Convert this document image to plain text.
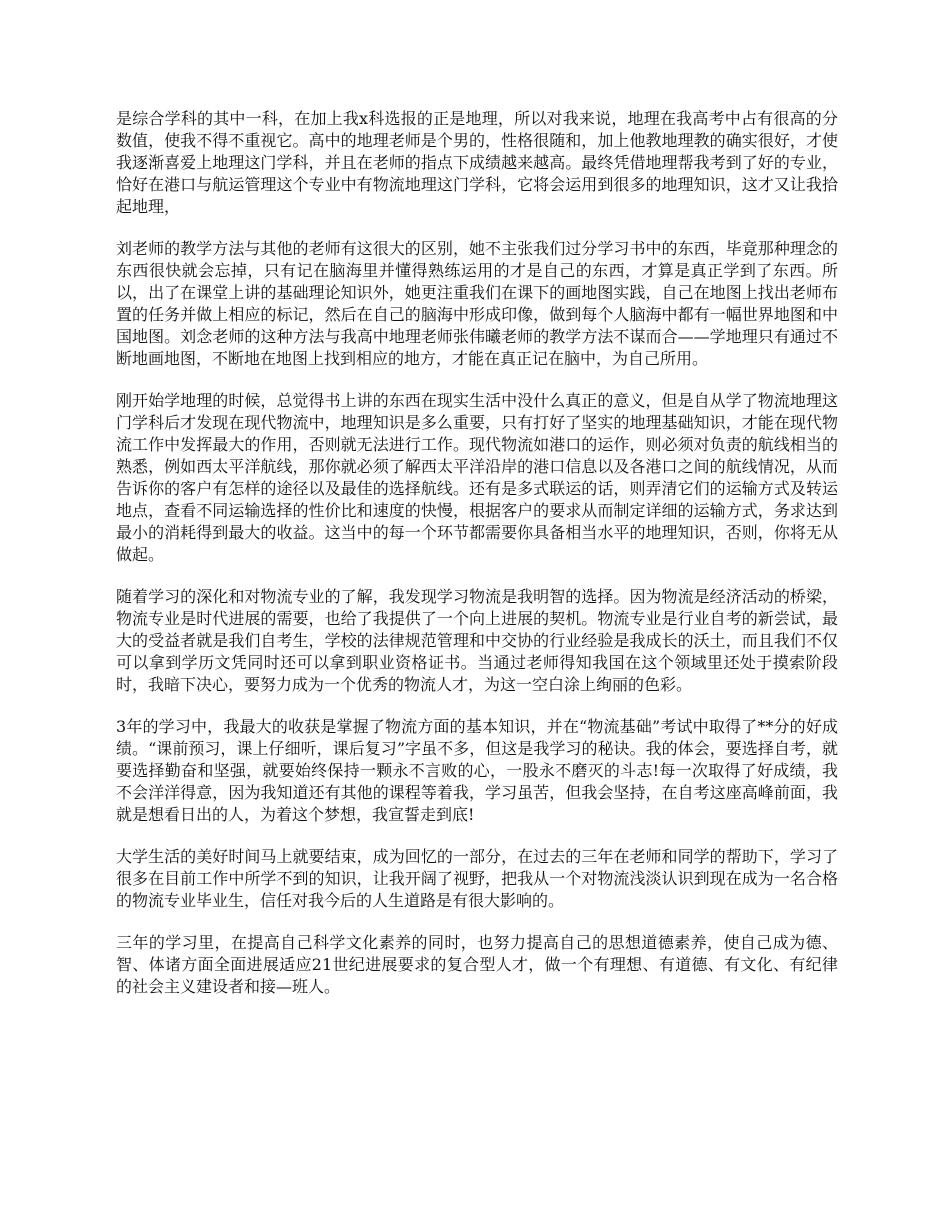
是综合学科的其中一科，在加上我x科选报的正是地理，所以对我来说，地理在我高考中占有很高的分数值，使我不得不重视它。高中的地理老师是个男的，性格很随和，加上他教地理教的确实很好，才使我逐渐喜爱上地理这门学科，并且在老师的指点下成绩越来越高。最终凭借地理帮我考到了好的专业，恰好在港口与航运管理这个专业中有物流地理这门学科，它将会运用到很多的地理知识，这才又让我拾起地理，

刘老师的教学方法与其他的老师有这很大的区别，她不主张我们过分学习书中的东西，毕竟那种理念的东西很快就会忘掉，只有记在脑海里并懂得熟练运用的才是自己的东西，才算是真正学到了东西。所以，出了在课堂上讲的基础理论知识外，她更注重我们在课下的画地图实践，自己在地图上找出老师布置的任务并做上相应的标记，然后在自己的脑海中形成印像，做到每个人脑海中都有一幅世界地图和中国地图。刘念老师的这种方法与我高中地理老师张伟曦老师的教学方法不谋而合——学地理只有通过不断地画地图，不断地在地图上找到相应的地方，才能在真正记在脑中，为自己所用。

刚开始学地理的时候，总觉得书上讲的东西在现实生活中没什么真正的意义，但是自从学了物流地理这门学科后才发现在现代物流中，地理知识是多么重要，只有打好了坚实的地理基础知识，才能在现代物流工作中发挥最大的作用，否则就无法进行工作。现代物流如港口的运作，则必须对负责的航线相当的熟悉，例如西太平洋航线，那你就必须了解西太平洋沿岸的港口信息以及各港口之间的航线情况，从而告诉你的客户有怎样的途径以及最佳的选择航线。还有是多式联运的话，则弄清它们的运输方式及转运地点，查看不同运输选择的性价比和速度的快慢，根据客户的要求从而制定详细的运输方式，务求达到最小的消耗得到最大的收益。这当中的每一个环节都需要你具备相当水平的地理知识，否则，你将无从做起。

随着学习的深化和对物流专业的了解，我发现学习物流是我明智的选择。因为物流是经济活动的桥梁，物流专业是时代进展的需要，也给了我提供了一个向上进展的契机。物流专业是行业自考的新尝试，最大的受益者就是我们自考生，学校的法律规范管理和中交协的行业经验是我成长的沃土，而且我们不仅可以拿到学历文凭同时还可以拿到职业资格证书。当通过老师得知我国在这个领域里还处于摸索阶段时，我暗下决心，要努力成为一个优秀的物流人才，为这一空白涂上绚丽的色彩。

3年的学习中，我最大的收获是掌握了物流方面的基本知识，并在“物流基础”考试中取得了**分的好成绩。“课前预习，课上仔细听，课后复习”字虽不多，但这是我学习的秘诀。我的体会，要选择自考，就要选择勤奋和坚强，就要始终保持一颗永不言败的心，一股永不磨灭的斗志!每一次取得了好成绩，我不会洋洋得意，因为我知道还有其他的课程等着我，学习虽苦，但我会坚持，在自考这座高峰前面，我就是想看日出的人，为着这个梦想，我宣誓走到底!

大学生活的美好时间马上就要结束，成为回忆的一部分，在过去的三年在老师和同学的帮助下，学习了很多在目前工作中所学不到的知识，让我开阔了视野，把我从一个对物流浅淡认识到现在成为一名合格的物流专业毕业生，信任对我今后的人生道路是有很大影响的。

三年的学习里，在提高自己科学文化素养的同时，也努力提高自己的思想道德素养，使自己成为德、智、体诸方面全面进展适应21世纪进展要求的复合型人才，做一个有理想、有道德、有文化、有纪律的社会主义建设者和接—班人。
